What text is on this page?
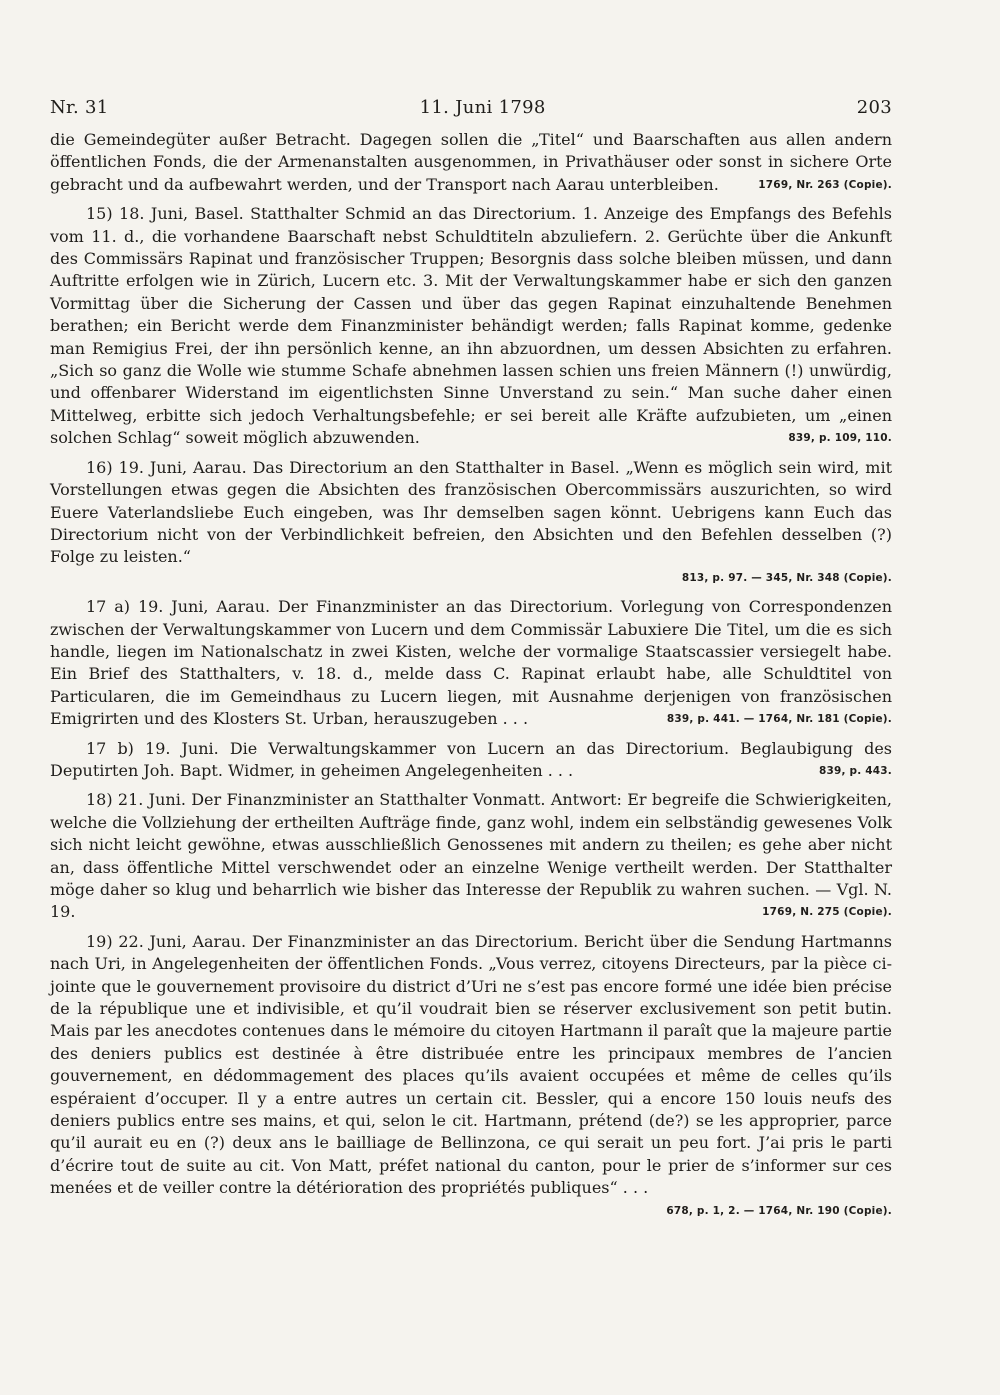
Nr. 31	11. Juni 1798	203

die Gemeindegüter außer Betracht. Dagegen sollen die „Titel“ und Baarschaften aus allen andern öffentlichen Fonds, die der Armenanstalten ausgenommen, in Privathäuser oder sonst in sichere Orte gebracht und da aufbewahrt werden, und der Transport nach Aarau unterbleiben.	1769, Nr. 263 (Copie).

15) 18. Juni, Basel. Statthalter Schmid an das Directorium. 1. Anzeige des Empfangs des Befehls vom 11. d., die vorhandene Baarschaft nebst Schuldtiteln abzuliefern. 2. Gerüchte über die Ankunft des Commissärs Rapinat und französischer Truppen; Besorgnis dass solche bleiben müssen, und dann Auftritte erfolgen wie in Zürich, Lucern etc. 3. Mit der Verwaltungskammer habe er sich den ganzen Vormittag über die Sicherung der Cassen und über das gegen Rapinat einzuhaltende Benehmen berathen; ein Bericht werde dem Finanzminister behändigt werden; falls Rapinat komme, gedenke man Remigius Frei, der ihn persönlich kenne, an ihn abzuordnen, um dessen Absichten zu erfahren. „Sich so ganz die Wolle wie stumme Schafe abnehmen lassen schien uns freien Männern (!) unwürdig, und offenbarer Widerstand im eigentlichsten Sinne Unverstand zu sein.“ Man suche daher einen Mittelweg, erbitte sich jedoch Verhaltungsbefehle; er sei bereit alle Kräfte aufzubieten, um „einen solchen Schlag“ soweit möglich abzuwenden.	839, p. 109, 110.

16) 19. Juni, Aarau. Das Directorium an den Statthalter in Basel. „Wenn es möglich sein wird, mit Vorstellungen etwas gegen die Absichten des französischen Obercommissärs auszurichten, so wird Euere Vaterlandsliebe Euch eingeben, was Ihr demselben sagen könnt. Uebrigens kann Euch das Directorium nicht von der Verbindlichkeit befreien, den Absichten und den Befehlen desselben (?) Folge zu leisten.“
813, p. 97. — 345, Nr. 348 (Copie).

17 a) 19. Juni, Aarau. Der Finanzminister an das Directorium. Vorlegung von Correspondenzen zwischen der Verwaltungskammer von Lucern und dem Commissär Labuxiere Die Titel, um die es sich handle, liegen im Nationalschatz in zwei Kisten, welche der vormalige Staatscassier versiegelt habe. Ein Brief des Statthalters, v. 18. d., melde dass C. Rapinat erlaubt habe, alle Schuldtitel von Particularen, die im Gemeindhaus zu Lucern liegen, mit Ausnahme derjenigen von französischen Emigrirten und des Klosters St. Urban, herauszugeben . . .	839, p. 441. — 1764, Nr. 181 (Copie).

17 b) 19. Juni. Die Verwaltungskammer von Lucern an das Directorium. Beglaubigung des Deputirten Joh. Bapt. Widmer, in geheimen Angelegenheiten . . .	839, p. 443.

18) 21. Juni. Der Finanzminister an Statthalter Vonmatt. Antwort: Er begreife die Schwierigkeiten, welche die Vollziehung der ertheilten Aufträge finde, ganz wohl, indem ein selbständig gewesenes Volk sich nicht leicht gewöhne, etwas ausschließlich Genossenes mit andern zu theilen; es gehe aber nicht an, dass öffentliche Mittel verschwendet oder an einzelne Wenige vertheilt werden. Der Statthalter möge daher so klug und beharrlich wie bisher das Interesse der Republik zu wahren suchen. — Vgl. N. 19.	1769, N. 275 (Copie).

19) 22. Juni, Aarau. Der Finanzminister an das Directorium. Bericht über die Sendung Hartmanns nach Uri, in Angelegenheiten der öffentlichen Fonds. „Vous verrez, citoyens Directeurs, par la pièce ci-jointe que le gouvernement provisoire du district d’Uri ne s’est pas encore formé une idée bien précise de la république une et indivisible, et qu’il voudrait bien se réserver exclusivement son petit butin. Mais par les anecdotes contenues dans le mémoire du citoyen Hartmann il paraît que la majeure partie des deniers publics est destinée à être distribuée entre les principaux membres de l’ancien gouvernement, en dédommagement des places qu’ils avaient occupées et même de celles qu’ils espéraient d’occuper. Il y a entre autres un certain cit. Bessler, qui a encore 150 louis neufs des deniers publics entre ses mains, et qui, selon le cit. Hartmann, prétend (de?) se les approprier, parce qu’il aurait eu en (?) deux ans le bailliage de Bellinzona, ce qui serait un peu fort. J’ai pris le parti d’écrire tout de suite au cit. Von Matt, préfet national du canton, pour le prier de s’informer sur ces menées et de veiller contre la détérioration des propriétés publiques“ . . .
678, p. 1, 2. — 1764, Nr. 190 (Copie).
